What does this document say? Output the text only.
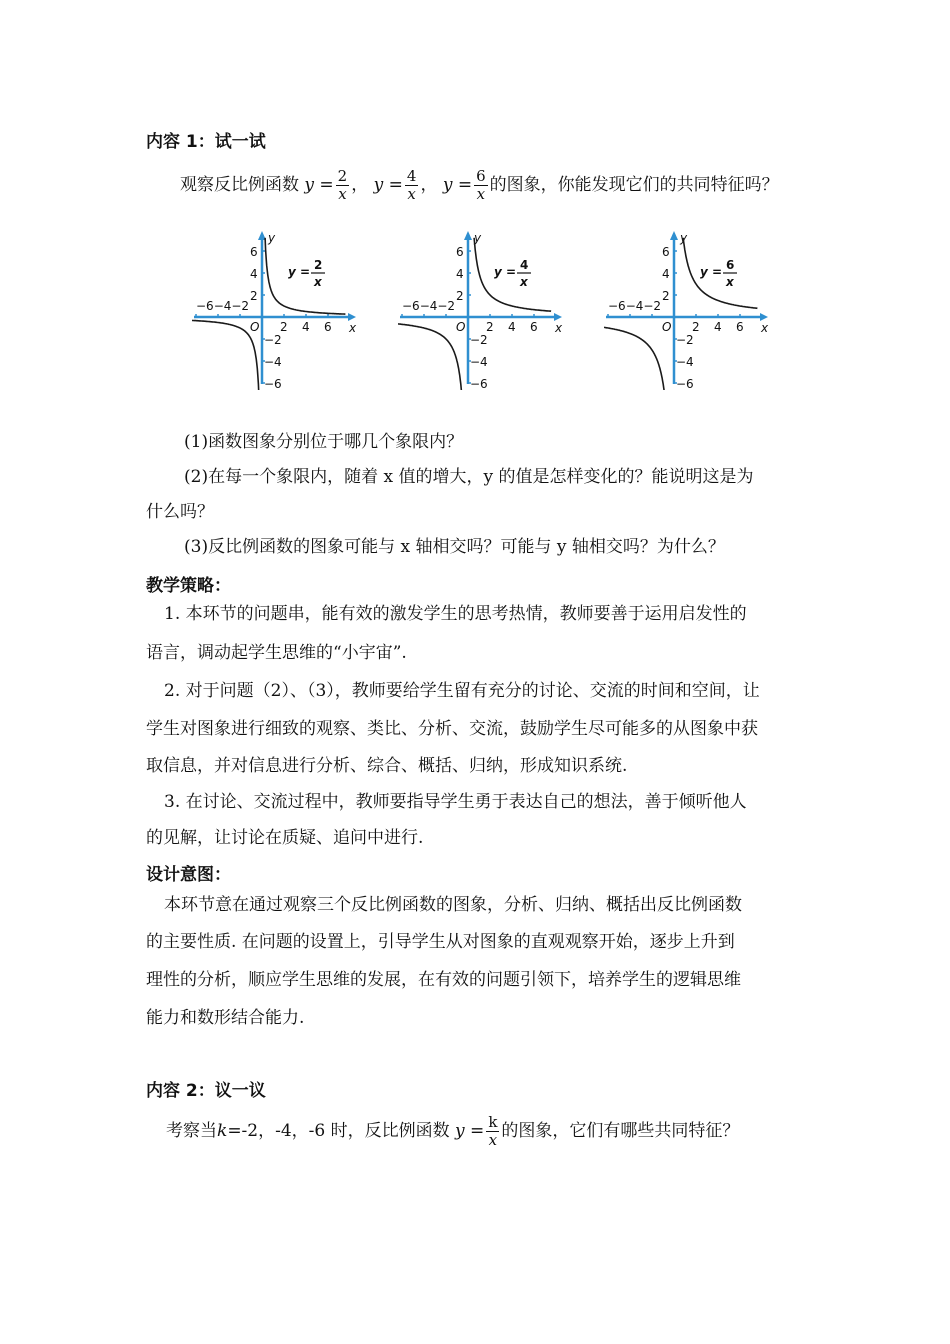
内容 1：试一试
观察反比例函数 $y = \frac{2}{x}$ ， $y = \frac{4}{x}$ ， $y = \frac{6}{x}$ 的图象，你能发现它们的共同特征吗？
2
2
−2
4
4
−4
6
6
−6
−6−4−2
O	x
y
y = 2
x
2
2
−2
4
4
−4
6
6
−6
−6−4−2
O	x
y
y = 4
x
2
2
−2
4
4
−4
6
6
−6
−6−4−2
O	x
y
y = 6
x
(1)函数图象分别位于哪几个象限内？
(2)在每一个象限内，随着 x 值的增大，y 的值是怎样变化的？能说明这是为
什么吗？
(3)反比例函数的图象可能与 x 轴相交吗？可能与 y 轴相交吗？为什么？
教学策略：
1. 本环节的问题串，能有效的激发学生的思考热情，教师要善于运用启发性的
语言，调动起学生思维的“小宇宙”.
2. 对于问题（2）、（3），教师要给学生留有充分的讨论、交流的时间和空间，让
学生对图象进行细致的观察、类比、分析、交流，鼓励学生尽可能多的从图象中获
取信息，并对信息进行分析、综合、概括、归纳，形成知识系统.
3. 在讨论、交流过程中，教师要指导学生勇于表达自己的想法，善于倾听他人
的见解，让讨论在质疑、追问中进行.
设计意图：
本环节意在通过观察三个反比例函数的图象，分析、归纳、概括出反比例函数
的主要性质. 在问题的设置上，引导学生从对图象的直观观察开始，逐步上升到
理性的分析，顺应学生思维的发展，在有效的问题引领下，培养学生的逻辑思维
能力和数形结合能力.
内容 2：议一议
考察当k=-2，-4，-6 时，反比例函数 $y = \frac{k}{x}$ 的图象，它们有哪些共同特征？
